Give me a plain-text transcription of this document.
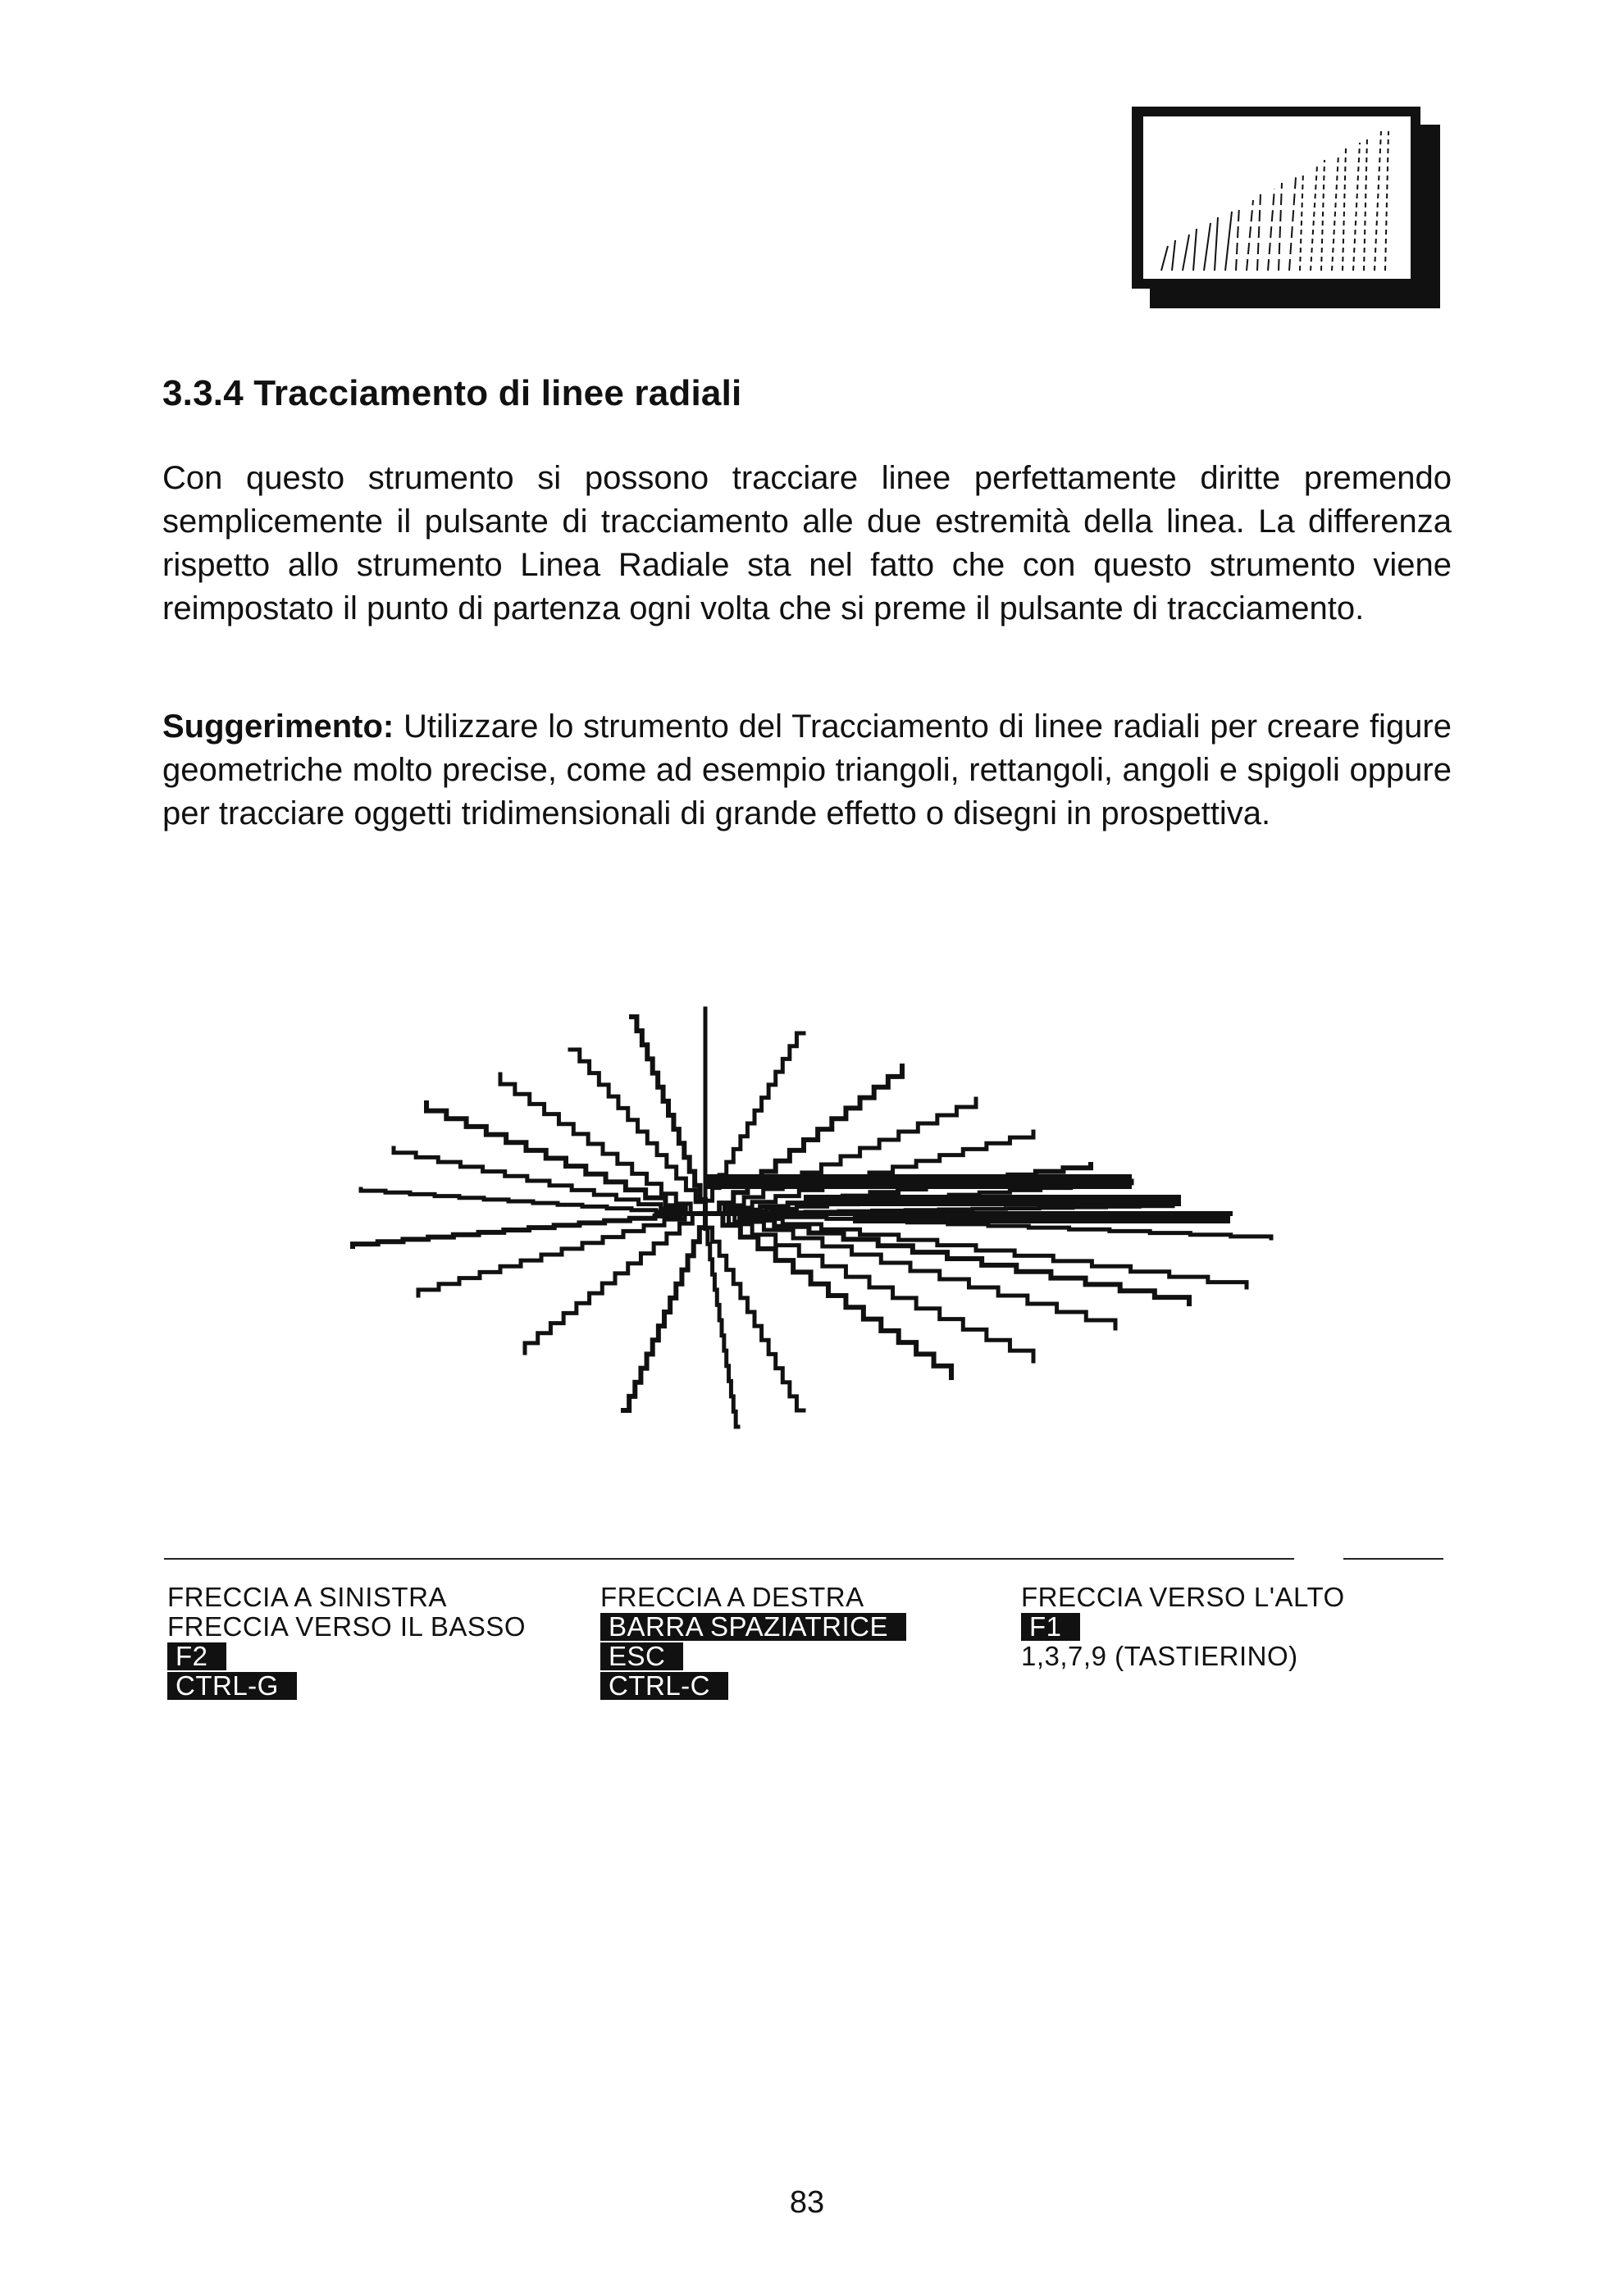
3.3.4 Tracciamento di linee radiali

Con questo strumento si possono tracciare linee perfettamente diritte premendo semplicemente il pulsante di tracciamento alle due estremità della linea. La differenza rispetto allo strumento Linea Radiale sta nel fatto che con questo strumento viene reimpostato il punto di partenza ogni volta che si preme il pulsante di tracciamento.

Suggerimento: Utilizzare lo strumento del Tracciamento di linee radiali per creare figure geometriche molto precise, come ad esempio triangoli, rettangoli, angoli e spigoli oppure per tracciare oggetti tridimensionali di grande effetto o disegni in prospettiva.

FRECCIA A SINISTRA
FRECCIA VERSO IL BASSO
F2
CTRL-G
FRECCIA A DESTRA
BARRA SPAZIATRICE
ESC
CTRL-C
FRECCIA VERSO L'ALTO
F1
1,3,7,9 (TASTIERINO)
83
